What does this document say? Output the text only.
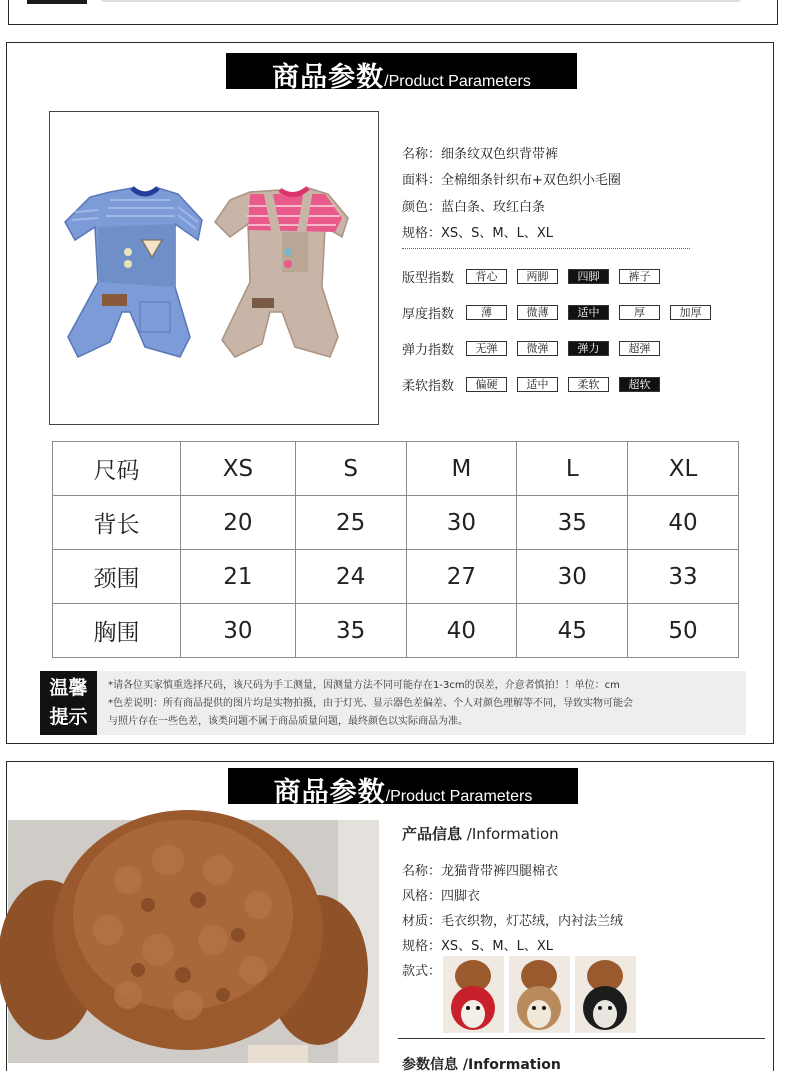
商品参数 /Product Parameters
名称：细条纹双色织背带裤
面料：全棉细条针织布+双色织小毛圈
颜色：蓝白条、玫红白条
规格：XS、S、M、L、XL
版型指数	背心	两脚	四脚	裤子
厚度指数	薄	微薄	适中	厚	加厚
弹力指数	无弹	微弹	弹力	超弹
柔软指数	偏硬	适中	柔软	超软
尺码	XS	S	M	L	XL
背长	20	25	30	35	40
颈围	21	24	27	30	33
胸围	30	35	40	45	50
温馨
提示
*请各位买家慎重选择尺码，该尺码为手工测量，因测量方法不同可能存在1-3cm的误差，介意者慎拍！！单位：cm
*色差说明：所有商品提供的图片均是实物拍摄，由于灯光、显示器色差偏差、个人对颜色理解等不同，导致实物可能会
与照片存在一些色差，该类问题不属于商品质量问题，最终颜色以实际商品为准。
商品参数 /Product Parameters
产品信息 /Information
名称：龙猫背带裤四腿棉衣
风格：四脚衣
材质：毛衣织物，灯芯绒，内衬法兰绒
规格：XS、S、M、L、XL
款式：
参数信息 /Information
